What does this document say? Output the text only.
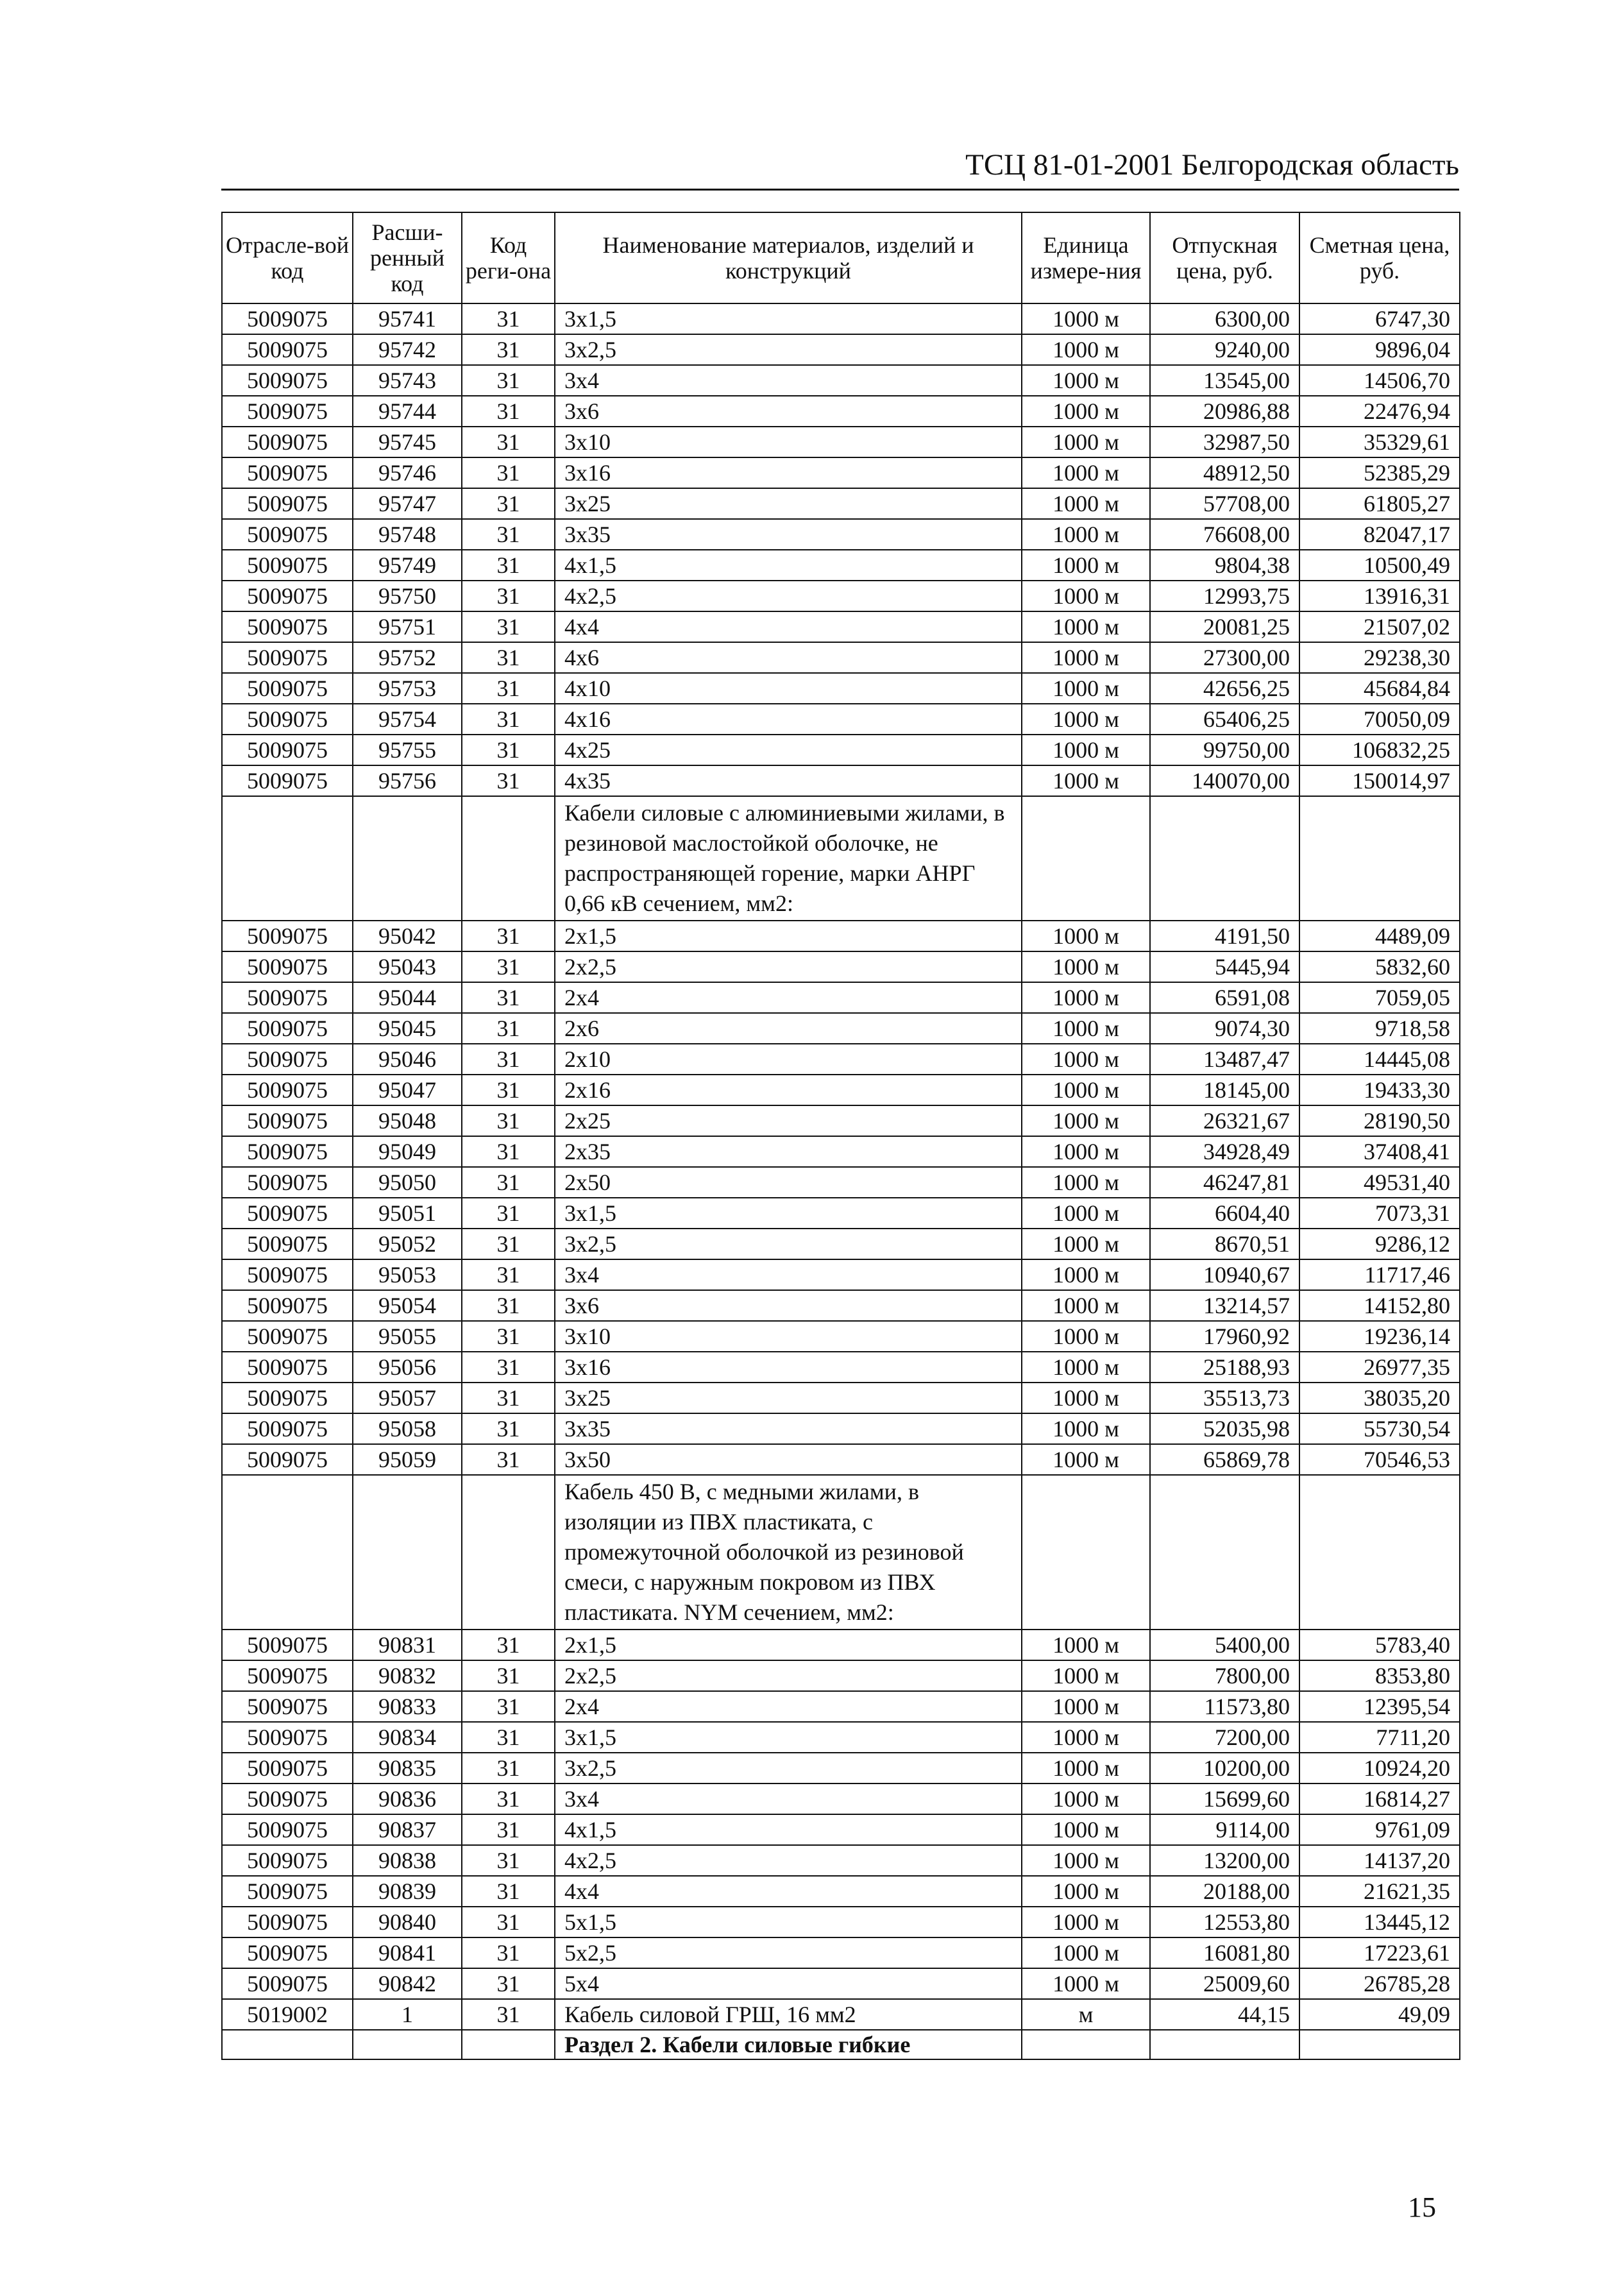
ТСЦ 81-01-2001 Белгородская область
Отрасле-вой код	Расши-ренный код	Код реги-она	Наименование материалов, изделий и конструкций	Единица измере-ния	Отпускная цена, руб.	Сметная цена, руб.
5009075	95741	31	3x1,5	1000 м	6300,00	6747,30
5009075	95742	31	3x2,5	1000 м	9240,00	9896,04
5009075	95743	31	3x4	1000 м	13545,00	14506,70
5009075	95744	31	3x6	1000 м	20986,88	22476,94
5009075	95745	31	3x10	1000 м	32987,50	35329,61
5009075	95746	31	3x16	1000 м	48912,50	52385,29
5009075	95747	31	3x25	1000 м	57708,00	61805,27
5009075	95748	31	3x35	1000 м	76608,00	82047,17
5009075	95749	31	4x1,5	1000 м	9804,38	10500,49
5009075	95750	31	4x2,5	1000 м	12993,75	13916,31
5009075	95751	31	4x4	1000 м	20081,25	21507,02
5009075	95752	31	4x6	1000 м	27300,00	29238,30
5009075	95753	31	4x10	1000 м	42656,25	45684,84
5009075	95754	31	4x16	1000 м	65406,25	70050,09
5009075	95755	31	4x25	1000 м	99750,00	106832,25
5009075	95756	31	4x35	1000 м	140070,00	150014,97
			Кабели силовые с алюминиевыми жилами, в резиновой маслостойкой оболочке, не распространяющей горение, марки АНРГ 0,66 кВ сечением, мм2:			
5009075	95042	31	2x1,5	1000 м	4191,50	4489,09
5009075	95043	31	2x2,5	1000 м	5445,94	5832,60
5009075	95044	31	2x4	1000 м	6591,08	7059,05
5009075	95045	31	2x6	1000 м	9074,30	9718,58
5009075	95046	31	2x10	1000 м	13487,47	14445,08
5009075	95047	31	2x16	1000 м	18145,00	19433,30
5009075	95048	31	2x25	1000 м	26321,67	28190,50
5009075	95049	31	2x35	1000 м	34928,49	37408,41
5009075	95050	31	2x50	1000 м	46247,81	49531,40
5009075	95051	31	3x1,5	1000 м	6604,40	7073,31
5009075	95052	31	3x2,5	1000 м	8670,51	9286,12
5009075	95053	31	3x4	1000 м	10940,67	11717,46
5009075	95054	31	3x6	1000 м	13214,57	14152,80
5009075	95055	31	3x10	1000 м	17960,92	19236,14
5009075	95056	31	3x16	1000 м	25188,93	26977,35
5009075	95057	31	3x25	1000 м	35513,73	38035,20
5009075	95058	31	3x35	1000 м	52035,98	55730,54
5009075	95059	31	3x50	1000 м	65869,78	70546,53
			Кабель 450 В, с медными жилами, в изоляции из ПВХ пластиката, с промежуточной оболочкой из резиновой смеси, с наружным покровом из ПВХ пластиката. NYM сечением, мм2:			
5009075	90831	31	2x1,5	1000 м	5400,00	5783,40
5009075	90832	31	2x2,5	1000 м	7800,00	8353,80
5009075	90833	31	2x4	1000 м	11573,80	12395,54
5009075	90834	31	3x1,5	1000 м	7200,00	7711,20
5009075	90835	31	3x2,5	1000 м	10200,00	10924,20
5009075	90836	31	3x4	1000 м	15699,60	16814,27
5009075	90837	31	4x1,5	1000 м	9114,00	9761,09
5009075	90838	31	4x2,5	1000 м	13200,00	14137,20
5009075	90839	31	4x4	1000 м	20188,00	21621,35
5009075	90840	31	5x1,5	1000 м	12553,80	13445,12
5009075	90841	31	5x2,5	1000 м	16081,80	17223,61
5009075	90842	31	5x4	1000 м	25009,60	26785,28
5019002	1	31	Кабель силовой ГРШ, 16 мм2	м	44,15	49,09
			Раздел 2. Кабели силовые гибкие			
15
